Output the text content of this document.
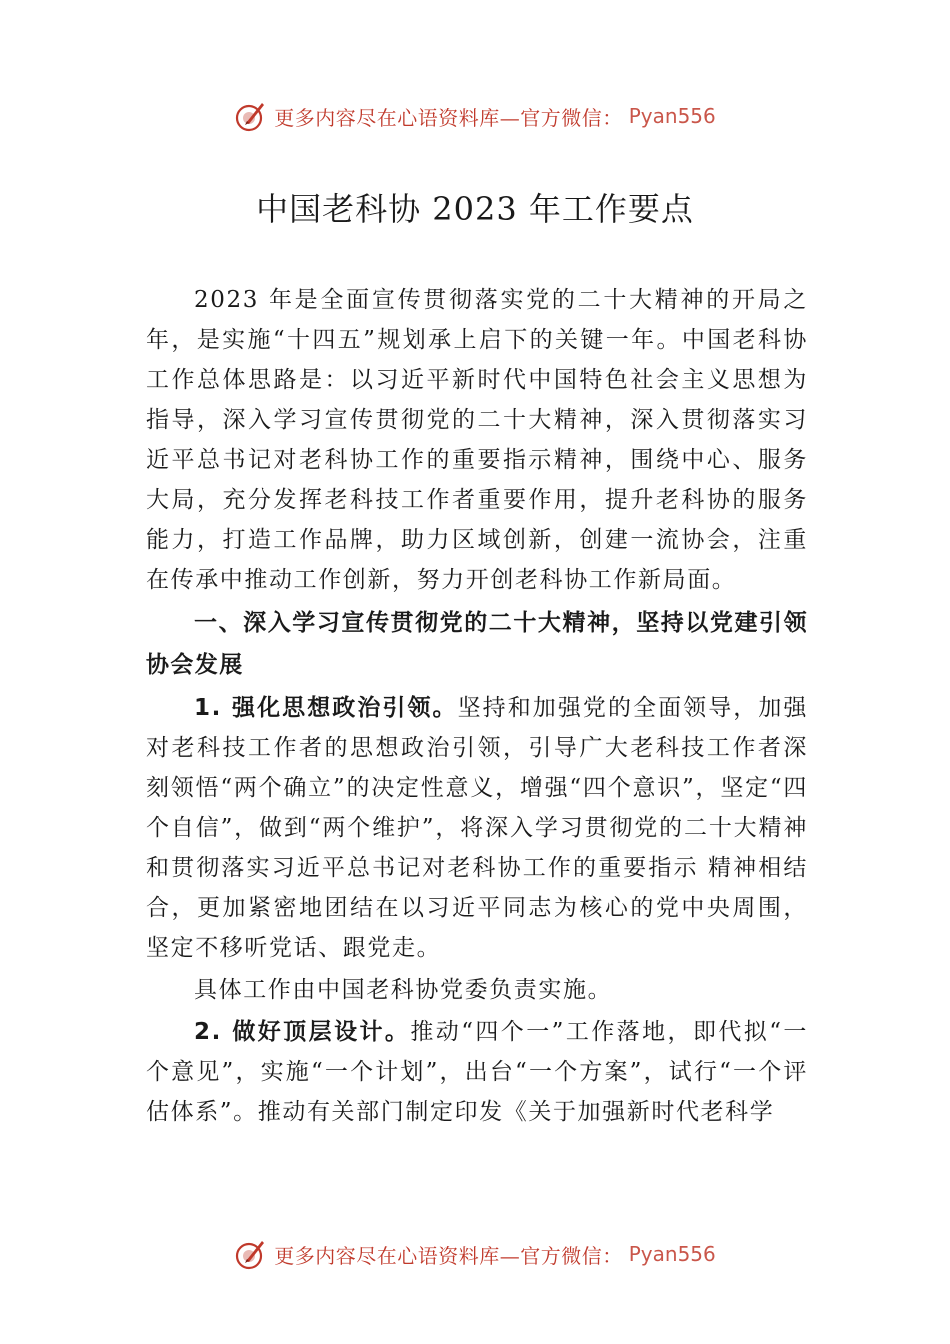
更多内容尽在心语资料库—官方微信： Pyan556
中国老科协 2023 年工作要点

2023 年是全面宣传贯彻落实党的二十大精神的开局之年，是实施“十四五”规划承上启下的关键一年。中国老科协工作总体思路是：以习近平新时代中国特色社会主义思想为指导，深入学习宣传贯彻党的二十大精神，深入贯彻落实习近平总书记对老科协工作的重要指示精神，围绕中心、服务大局，充分发挥老科技工作者重要作用，提升老科协的服务能力，打造工作品牌，助力区域创新，创建一流协会，注重在传承中推动工作创新，努力开创老科协工作新局面。

一、深入学习宣传贯彻党的二十大精神，坚持以党建引领协会发展

1. 强化思想政治引领。坚持和加强党的全面领导，加强对老科技工作者的思想政治引领，引导广大老科技工作者深刻领悟“两个确立”的决定性意义，增强“四个意识”，坚定“四个自信”，做到“两个维护”，将深入学习贯彻党的二十大精神和贯彻落实习近平总书记对老科协工作的重要指示 精神相结合，更加紧密地团结在以习近平同志为核心的党中央周围，坚定不移听党话、跟党走。

具体工作由中国老科协党委负责实施。

2. 做好顶层设计。推动“四个一”工作落地，即代拟“一个意见”，实施“一个计划”，出台“一个方案”，试行“一个评估体系”。推动有关部门制定印发《关于加强新时代老科学

更多内容尽在心语资料库—官方微信： Pyan556
